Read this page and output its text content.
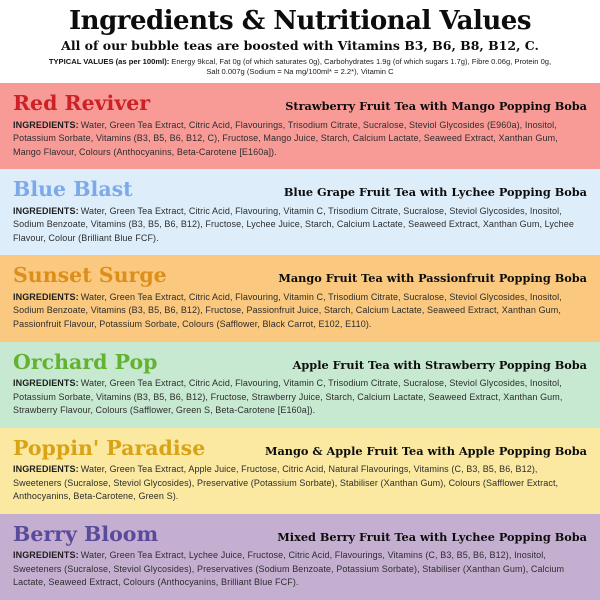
Ingredients & Nutritional Values

All of our bubble teas are boosted with Vitamins B3, B6, B8, B12, C.

TYPICAL VALUES (as per 100ml): Energy 9kcal, Fat 0g (of which saturates 0g), Carbohydrates 1.9g (of which sugars 1.7g), Fibre 0.06g, Protein 0g, Salt 0.007g (Sodium = Na mg/100ml* = 2.2*), Vitamin C

Red Reviver	Strawberry Fruit Tea with Mango Popping Boba

INGREDIENTS: Water, Green Tea Extract, Citric Acid, Flavourings, Trisodium Citrate, Sucralose, Steviol Glycosides (E960a), Inositol, Potassium Sorbate, Vitamins (B3, B5, B6, B12, C), Fructose, Mango Juice, Starch, Calcium Lactate, Seaweed Extract, Xanthan Gum, Mango Flavour, Colours (Anthocyanins, Beta-Carotene [E160a]).

Blue Blast	Blue Grape Fruit Tea with Lychee Popping Boba

INGREDIENTS: Water, Green Tea Extract, Citric Acid, Flavouring, Vitamin C, Trisodium Citrate, Sucralose, Steviol Glycosides, Inositol, Sodium Benzoate, Vitamins (B3, B5, B6, B12), Fructose, Lychee Juice, Starch, Calcium Lactate, Seaweed Extract, Xanthan Gum, Lychee Flavour, Colour (Brilliant Blue FCF).

Sunset Surge	Mango Fruit Tea with Passionfruit Popping Boba

INGREDIENTS: Water, Green Tea Extract, Citric Acid, Flavouring, Vitamin C, Trisodium Citrate, Sucralose, Steviol Glycosides, Inositol, Sodium Benzoate, Vitamins (B3, B5, B6, B12), Fructose, Passionfruit Juice, Starch, Calcium Lactate, Seaweed Extract, Xanthan Gum, Passionfruit Flavour, Potassium Sorbate, Colours (Safflower, Black Carrot, E102, E110).

Orchard Pop	Apple Fruit Tea with Strawberry Popping Boba

INGREDIENTS: Water, Green Tea Extract, Citric Acid, Flavouring, Vitamin C, Trisodium Citrate, Sucralose, Steviol Glycosides, Inositol, Potassium Sorbate, Vitamins (B3, B5, B6, B12), Fructose, Strawberry Juice, Starch, Calcium Lactate, Seaweed Extract, Xanthan Gum, Strawberry Flavour, Colours (Safflower, Green S, Beta-Carotene [E160a]).

Poppin' Paradise	Mango & Apple Fruit Tea with Apple Popping Boba

INGREDIENTS: Water, Green Tea Extract, Apple Juice, Fructose, Citric Acid, Natural Flavourings, Vitamins (C, B3, B5, B6, B12), Sweeteners (Sucralose, Steviol Glycosides), Preservative (Potassium Sorbate), Stabiliser (Xanthan Gum), Colours (Safflower Extract, Anthocyanins, Beta-Carotene, Green S).

Berry Bloom	Mixed Berry Fruit Tea with Lychee Popping Boba

INGREDIENTS: Water, Green Tea Extract, Lychee Juice, Fructose, Citric Acid, Flavourings, Vitamins (C, B3, B5, B6, B12), Inositol, Sweeteners (Sucralose, Steviol Glycosides), Preservatives (Sodium Benzoate, Potassium Sorbate), Stabiliser (Xanthan Gum), Calcium Lactate, Seaweed Extract, Colours (Anthocyanins, Brilliant Blue FCF).
